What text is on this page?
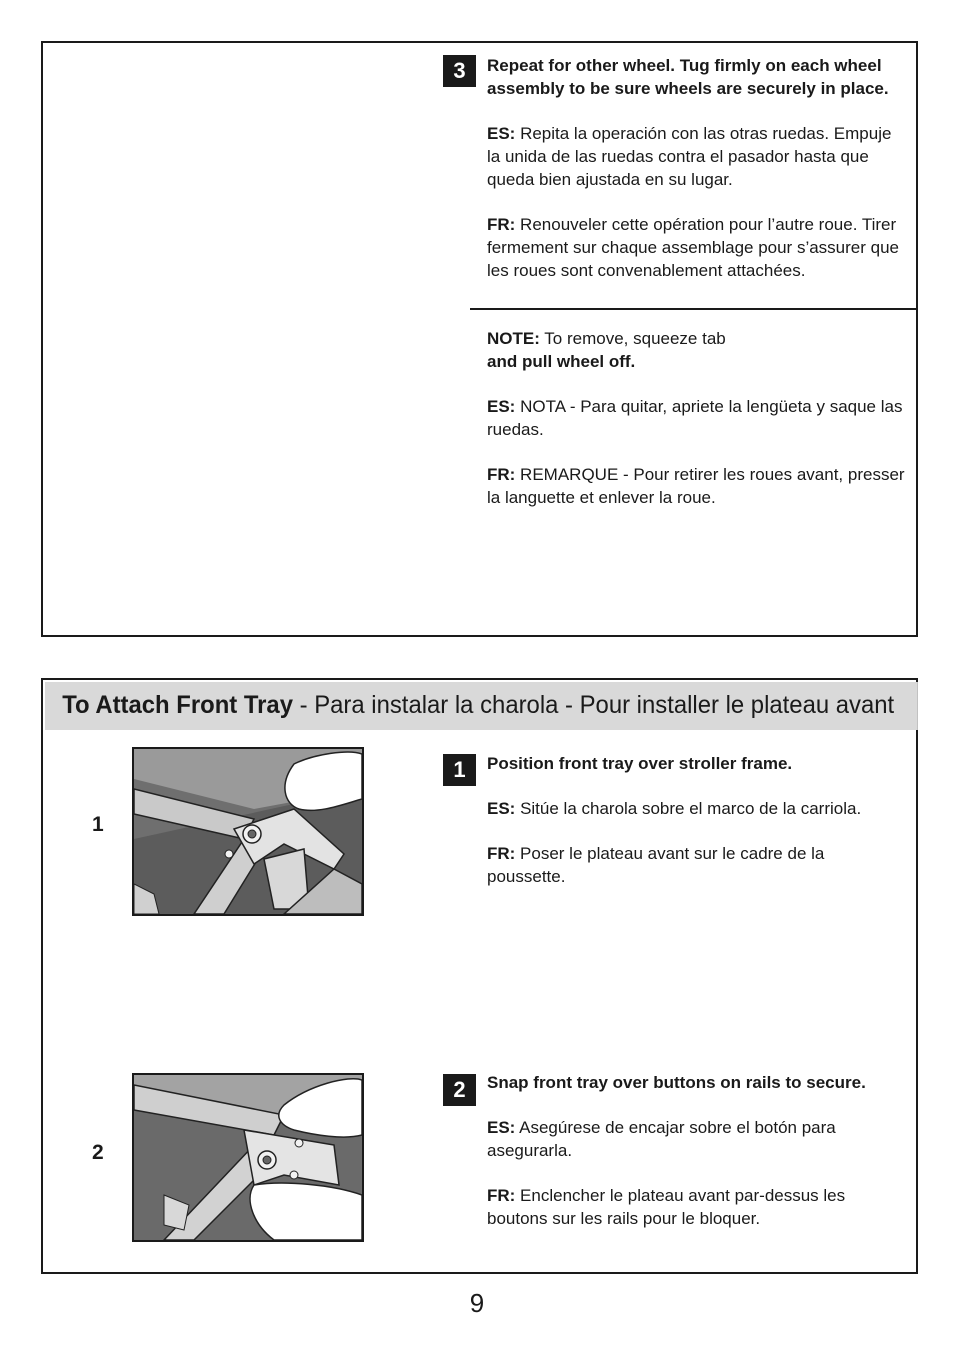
3	Repeat for other wheel. Tug firmly on each wheel
assembly to be sure wheels are securely in place.

ES: Repita la operación con las otras ruedas. Empuje
la unida de las ruedas contra el pasador hasta que
queda bien ajustada en su lugar.

FR: Renouveler cette opération pour l’autre roue. Tirer
fermement sur chaque assemblage pour s’assurer que
les roues sont convenablement attachées.

NOTE: To remove, squeeze tab
and pull wheel off.

ES: NOTA - Para quitar, apriete la lengüeta y saque las
ruedas.

FR: REMARQUE - Pour retirer les roues avant, presser
la languette et enlever la roue.

To Attach Front Tray - Para instalar la charola - Pour installer le plateau avant
1
2
1	Position front tray over stroller frame.

ES: Sitúe la charola sobre el marco de la carriola.

FR: Poser le plateau avant sur le cadre de la
poussette.

2	Snap front tray over buttons on rails to secure.

ES: Asegúrese de encajar sobre el botón para
asegurarla.

FR: Enclencher le plateau avant par-dessus les
boutons sur les rails pour le bloquer.

9
